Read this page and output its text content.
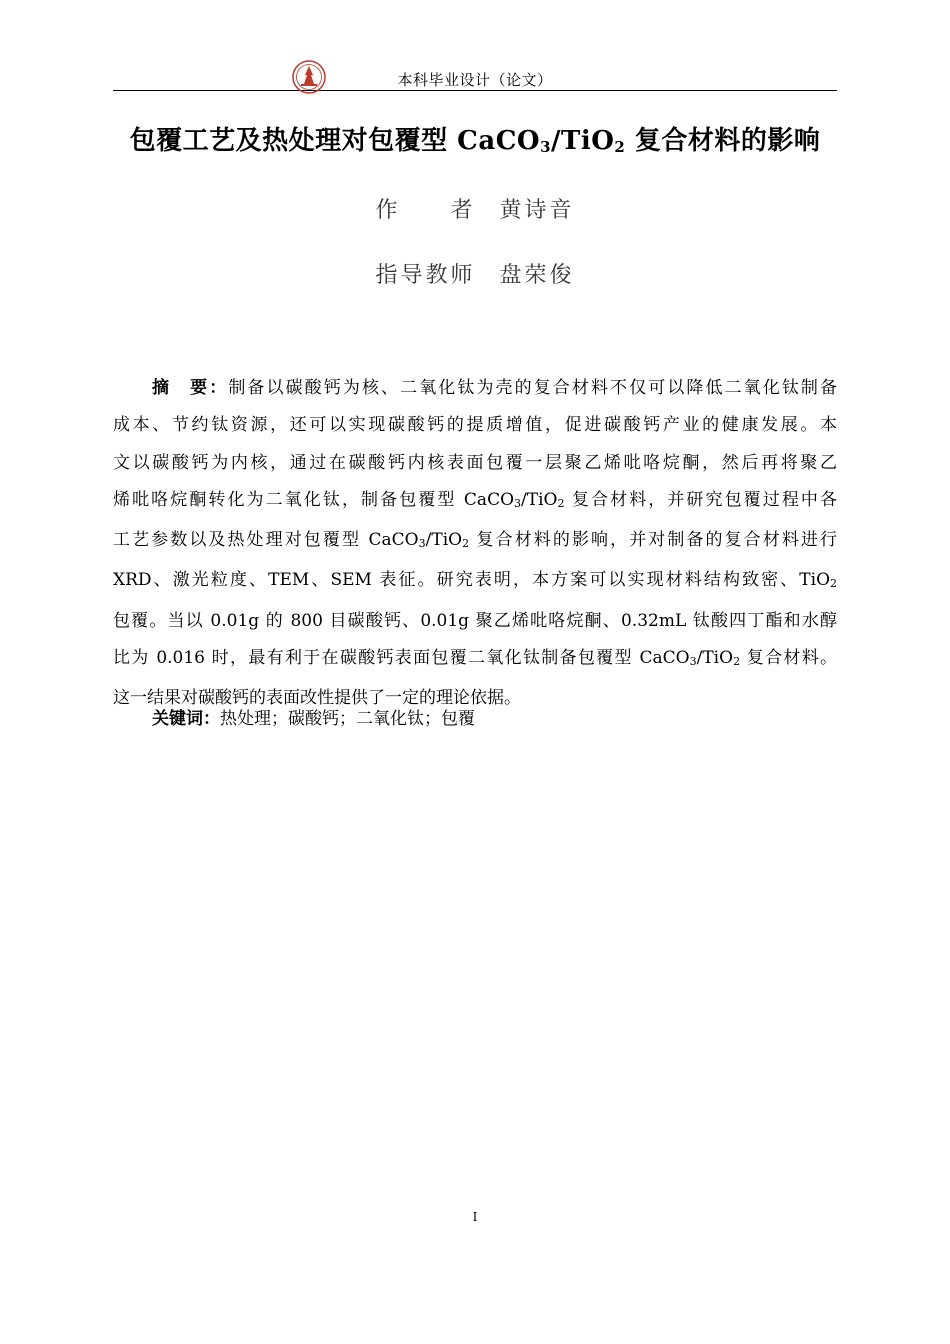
本科毕业设计（论文）
包覆工艺及热处理对包覆型 CaCO$_3$/TiO$_2$ 复合材料的影响
作者 黄诗音
指导教师 盘荣俊
摘　要：制备以碳酸钙为核、二氧化钛为壳的复合材料不仅可以降低二氧化钛制备
成本、节约钛资源，还可以实现碳酸钙的提质增值，促进碳酸钙产业的健康发展。本
文以碳酸钙为内核，通过在碳酸钙内核表面包覆一层聚乙烯吡咯烷酮，然后再将聚乙
烯吡咯烷酮转化为二氧化钛，制备包覆型 CaCO$_3$/TiO$_2$ 复合材料，并研究包覆过程中各
工艺参数以及热处理对包覆型 CaCO$_3$/TiO$_2$ 复合材料的影响，并对制备的复合材料进行
XRD、激光粒度、TEM、SEM 表征。研究表明，本方案可以实现材料结构致密、TiO$_2$
包覆。当以 0.01g 的 800 目碳酸钙、0.01g 聚乙烯吡咯烷酮、0.32mL 钛酸四丁酯和水醇
比为 0.016 时，最有利于在碳酸钙表面包覆二氧化钛制备包覆型 CaCO$_3$/TiO$_2$ 复合材料。
这一结果对碳酸钙的表面改性提供了一定的理论依据。
关键词：热处理；碳酸钙；二氧化钛；包覆
I
